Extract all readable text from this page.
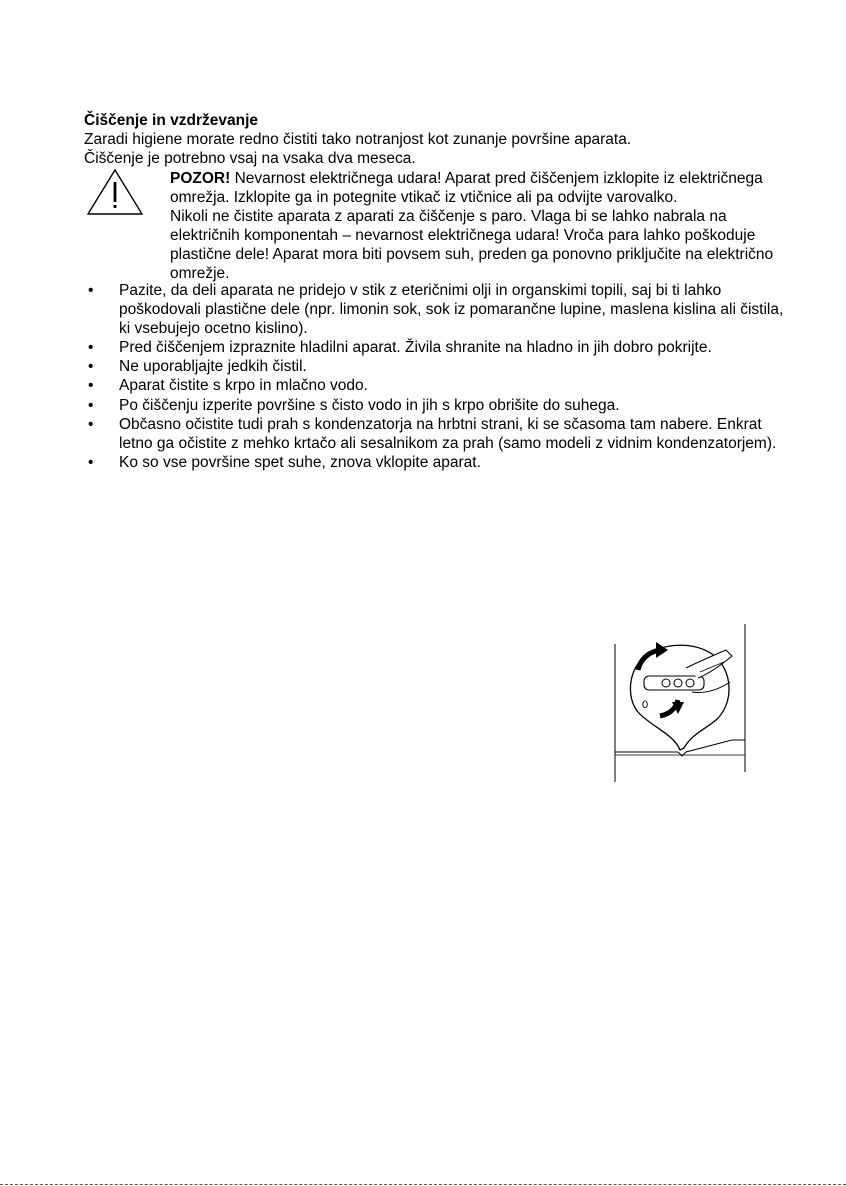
Čiščenje in vzdrževanje
Zaradi higiene morate redno čistiti tako notranjost kot zunanje površine aparata.
Čiščenje je potrebno vsaj na vsaka dva meseca.

POZOR! Nevarnost električnega udara! Aparat pred čiščenjem izklopite iz električnega omrežja. Izklopite ga in potegnite vtikač iz vtičnice ali pa odvijte varovalko.

Nikoli ne čistite aparata z aparati za čiščenje s paro. Vlaga bi se lahko nabrala na električnih komponentah – nevarnost električnega udara! Vroča para lahko poškoduje plastične dele! Aparat mora biti povsem suh, preden ga ponovno priključite na električno omrežje.

• Pazite, da deli aparata ne pridejo v stik z eteričnimi olji in organskimi topili, saj bi ti lahko poškodovali plastične dele (npr. limonin sok, sok iz pomarančne lupine, maslena kislina ali čistila, ki vsebujejo ocetno kislino).
• Pred čiščenjem izpraznite hladilni aparat. Živila shranite na hladno in jih dobro pokrijte.
• Ne uporabljajte jedkih čistil.
• Aparat čistite s krpo in mlačno vodo.
• Po čiščenju izperite površine s čisto vodo in jih s krpo obrišite do suhega.
• Občasno očistite tudi prah s kondenzatorja na hrbtni strani, ki se sčasoma tam nabere. Enkrat letno ga očistite z mehko krtačo ali sesalnikom za prah (samo modeli z vidnim kondenzatorjem).
• Ko so vse površine spet suhe, znova vklopite aparat.
0
